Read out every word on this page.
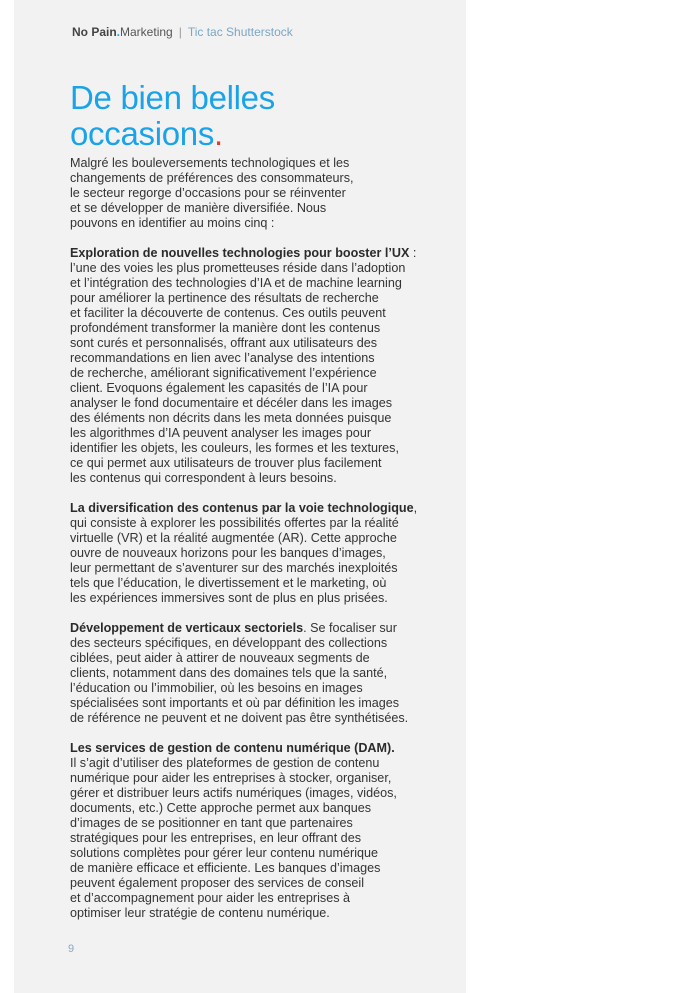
No Pain.Marketing | Tic tac Shutterstock
De bien belles
occasions.

Malgré les bouleversements technologiques et les
changements de préférences des consommateurs,
le secteur regorge d’occasions pour se réinventer
et se développer de manière diversifiée. Nous
pouvons en identifier au moins cinq :

Exploration de nouvelles technologies pour booster l’UX :
l’une des voies les plus prometteuses réside dans l’adoption
et l’intégration des technologies d’IA et de machine learning
pour améliorer la pertinence des résultats de recherche
et faciliter la découverte de contenus. Ces outils peuvent
profondément transformer la manière dont les contenus
sont curés et personnalisés, offrant aux utilisateurs des
recommandations en lien avec l’analyse des intentions
de recherche, améliorant significativement l’expérience
client. Evoquons également les capasités de l’IA pour
analyser le fond documentaire et décéler dans les images
des éléments non décrits dans les meta données puisque
les algorithmes d’IA peuvent analyser les images pour
identifier les objets, les couleurs, les formes et les textures,
ce qui permet aux utilisateurs de trouver plus facilement
les contenus qui correspondent à leurs besoins.

La diversification des contenus par la voie technologique,
qui consiste à explorer les possibilités offertes par la réalité
virtuelle (VR) et la réalité augmentée (AR). Cette approche
ouvre de nouveaux horizons pour les banques d’images,
leur permettant de s’aventurer sur des marchés inexploités
tels que l’éducation, le divertissement et le marketing, où
les expériences immersives sont de plus en plus prisées.

Développement de verticaux sectoriels. Se focaliser sur
des secteurs spécifiques, en développant des collections
ciblées, peut aider à attirer de nouveaux segments de
clients, notamment dans des domaines tels que la santé,
l’éducation ou l’immobilier, où les besoins en images
spécialisées sont importants et où par définition les images
de référence ne peuvent et ne doivent pas être synthétisées.

Les services de gestion de contenu numérique (DAM).
Il s’agit d’utiliser des plateformes de gestion de contenu
numérique pour aider les entreprises à stocker, organiser,
gérer et distribuer leurs actifs numériques (images, vidéos,
documents, etc.) Cette approche permet aux banques
d’images de se positionner en tant que partenaires
stratégiques pour les entreprises, en leur offrant des
solutions complètes pour gérer leur contenu numérique
de manière efficace et efficiente. Les banques d’images
peuvent également proposer des services de conseil
et d’accompagnement pour aider les entreprises à
optimiser leur stratégie de contenu numérique.

9
